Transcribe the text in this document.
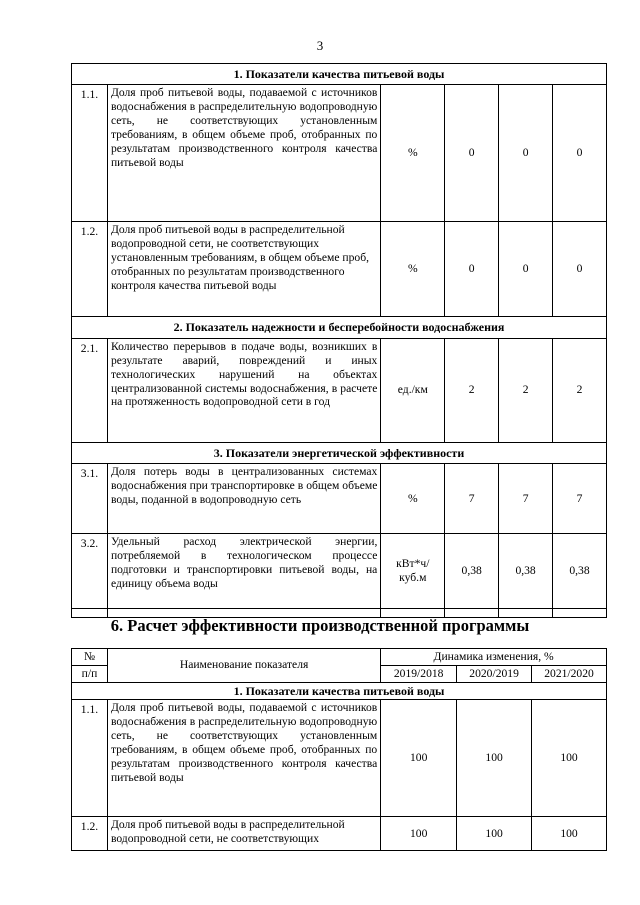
3
1. Показатели качества питьевой воды					
1.1.	Доля проб питьевой воды, подаваемой с источников водоснабжения в распределительную водопроводную сеть, не соответствующих установленным требованиям, в общем объеме проб, отобранных по результатам производственного контроля качества питьевой воды	%	0	0	0
1.2.	Доля проб питьевой воды в распределительной водопроводной сети, не соответствующих установленным требованиям, в общем объеме проб, отобранных по результатам производственного контроля качества питьевой воды	%	0	0	0
2. Показатель надежности и бесперебойности водоснабжения					
2.1.	Количество перерывов в подаче воды, возникших в результате аварий, повреждений и иных технологических нарушений на объектах централизованной системы водоснабжения, в расчете на протяженность водопроводной сети в год	ед./км	2	2	2
3. Показатели энергетической эффективности					
3.1.	Доля потерь воды в централизованных системах водоснабжения при транспортировке в общем объеме воды, поданной в водопроводную сеть	%	7	7	7
3.2.	Удельный расход электрической энергии, потребляемой в технологическом процессе подготовки и транспортировки питьевой воды, на единицу объема воды	кВт*ч/ куб.м	0,38	0,38	0,38

6. Расчет эффективности производственной программы
№	Наименование показателя	Динамика изменения, %		
п/п		2019/2018	2020/2019	2021/2020
1. Показатели качества питьевой воды				
1.1.	Доля проб питьевой воды, подаваемой с источников водоснабжения в распределительную водопроводную сеть, не соответствующих установленным требованиям, в общем объеме проб, отобранных по результатам производственного контроля качества питьевой воды	100	100	100
1.2.	Доля проб питьевой воды в распределительной водопроводной сети, не соответствующих	100	100	100
